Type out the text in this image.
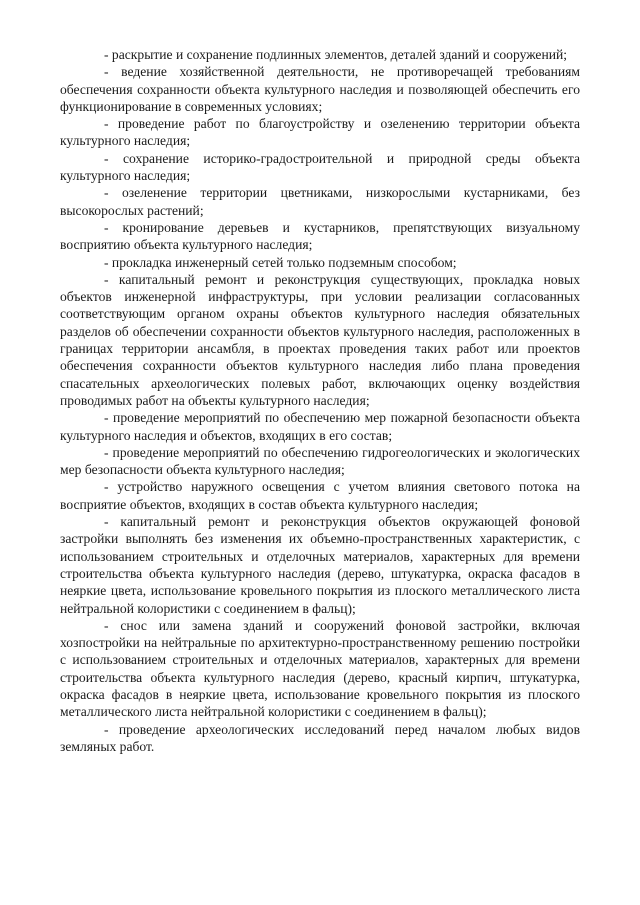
- раскрытие и сохранение подлинных элементов, деталей зданий и сооружений;

- ведение хозяйственной деятельности, не противоречащей требованиям обеспечения сохранности объекта культурного наследия и позволяющей обеспечить его функционирование в современных условиях;

- проведение работ по благоустройству и озеленению территории объекта культурного наследия;

- сохранение историко-градостроительной и природной среды объекта культурного наследия;

- озеленение территории цветниками, низкорослыми кустарниками, без высокорослых растений;

- кронирование деревьев и кустарников, препятствующих визуальному восприятию объекта культурного наследия;

- прокладка инженерный сетей только подземным способом;

- капитальный ремонт и реконструкция существующих, прокладка новых объектов инженерной инфраструктуры, при условии реализации согласованных соответствующим органом охраны объектов культурного наследия обязательных разделов об обеспечении сохранности объектов культурного наследия, расположенных в границах территории ансамбля, в проектах проведения таких работ или проектов обеспечения сохранности объектов культурного наследия либо плана проведения спасательных археологических полевых работ, включающих оценку воздействия проводимых работ на объекты культурного наследия;

- проведение мероприятий по обеспечению мер пожарной безопасности объекта культурного наследия и объектов, входящих в его состав;

- проведение мероприятий по обеспечению гидрогеологических и экологических мер безопасности объекта культурного наследия;

- устройство наружного освещения с учетом влияния светового потока на восприятие объектов, входящих в состав объекта культурного наследия;

- капитальный ремонт и реконструкция объектов окружающей фоновой застройки выполнять без изменения их объемно-пространственных характеристик, с использованием строительных и отделочных материалов, характерных для времени строительства объекта культурного наследия (дерево, штукатурка, окраска фасадов в неяркие цвета, использование кровельного покрытия из плоского металлического листа нейтральной колористики с соединением в фальц);

- снос или замена зданий и сооружений фоновой застройки, включая хозпостройки на нейтральные по архитектурно-пространственному решению постройки с использованием строительных и отделочных материалов, характерных для времени строительства объекта культурного наследия (дерево, красный кирпич, штукатурка, окраска фасадов в неяркие цвета, использование кровельного покрытия из плоского металлического листа нейтральной колористики с соединением в фальц);

- проведение археологических исследований перед началом любых видов земляных работ.
